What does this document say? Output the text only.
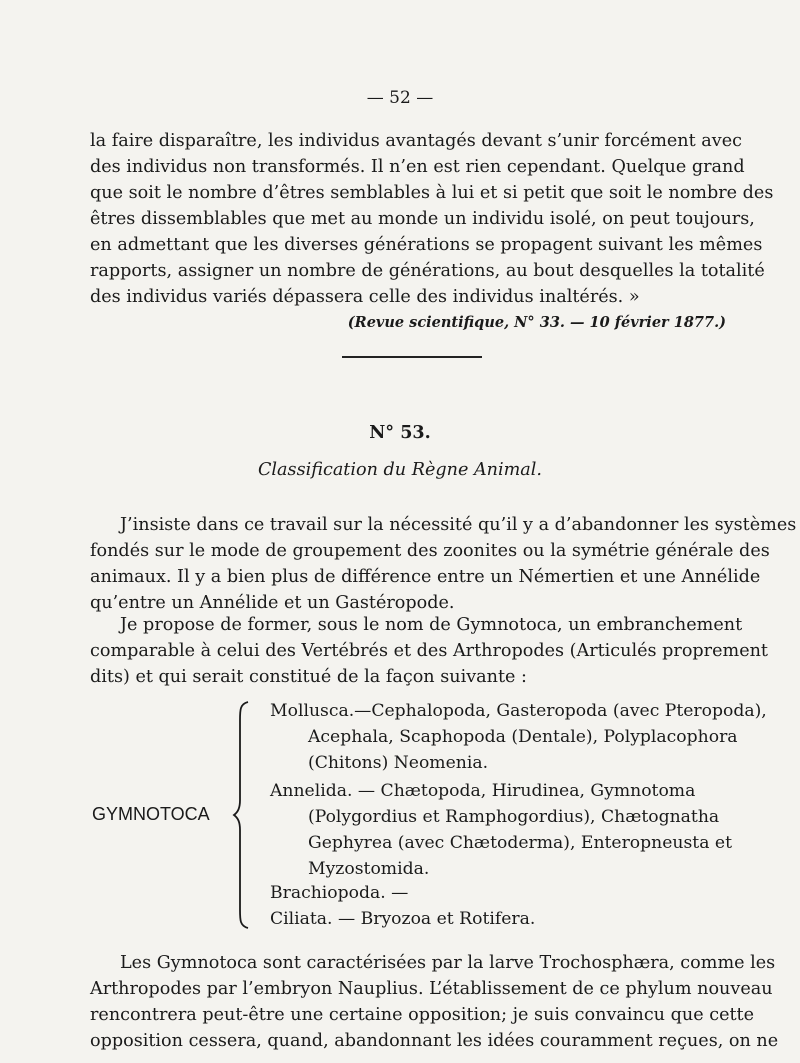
— 52 —
la faire disparaître, les individus avantagés devant s’unir forcément avec
des individus non transformés. Il n’en est rien cependant. Quelque grand
que soit le nombre d’êtres semblables à lui et si petit que soit le nombre des
êtres dissemblables que met au monde un individu isolé, on peut toujours,
en admettant que les diverses générations se propagent suivant les mêmes
rapports, assigner un nombre de générations, au bout desquelles la totalité
des individus variés dépassera celle des individus inaltérés. »
(Revue scientifique, N° 33. — 10 février 1877.)
N° 53.
Classification du Règne Animal.
J’insiste dans ce travail sur la nécessité qu’il y a d’abandonner les systèmes
fondés sur le mode de groupement des zoonites ou la symétrie générale des
animaux. Il y a bien plus de différence entre un Némertien et une Annélide
qu’entre un Annélide et un Gastéropode.
Je propose de former, sous le nom de Gymnotoca, un embranchement
comparable à celui des Vertébrés et des Arthropodes (Articulés proprement
dits) et qui serait constitué de la façon suivante :
GYMNOTOCA
Mollusca.—Cephalopoda, Gasteropoda (avec Pteropoda),
Acephala, Scaphopoda (Dentale), Polyplacophora
(Chitons) Neomenia.
Annelida. — Chætopoda, Hirudinea, Gymnotoma
(Polygordius et Ramphogordius), Chætognatha
Gephyrea (avec Chætoderma), Enteropneusta et
Myzostomida.
Brachiopoda. —
Ciliata. — Bryozoa et Rotifera.
Les Gymnotoca sont caractérisées par la larve Trochosphæra, comme les
Arthropodes par l’embryon Nauplius. L’établissement de ce phylum nouveau
rencontrera peut-être une certaine opposition; je suis convaincu que cette
opposition cessera, quand, abandonnant les idées couramment reçues, on ne
